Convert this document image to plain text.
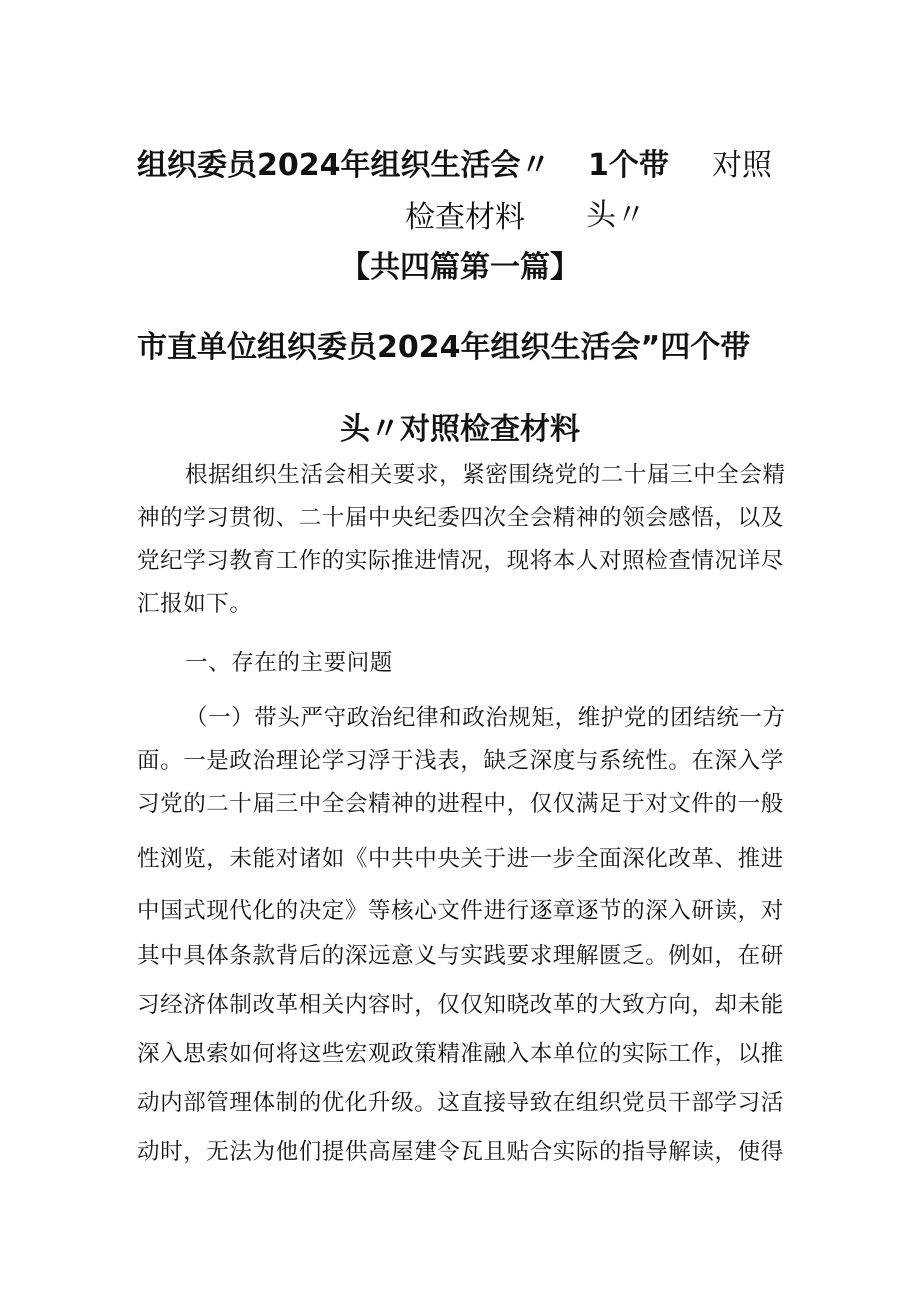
组织委员2024年组织生活会〃 1个带 对照
检查材料 头〃
【共四篇第一篇】
市直单位组织委员2024年组织生活会”四个带
头〃对照检查材料
根据组织生活会相关要求，紧密围绕党的二十届三中全会精
神的学习贯彻、二十届中央纪委四次全会精神的领会感悟，以及
党纪学习教育工作的实际推进情况，现将本人对照检查情况详尽
汇报如下。
一、存在的主要问题
（一）带头严守政治纪律和政治规矩，维护党的团结统一方
面。一是政治理论学习浮于浅表，缺乏深度与系统性。在深入学
习党的二十届三中全会精神的进程中，仅仅满足于对文件的一般
性浏览，未能对诸如《中共中央关于进一步全面深化改革、推进
中国式现代化的决定》等核心文件进行逐章逐节的深入研读，对
其中具体条款背后的深远意义与实践要求理解匮乏。例如，在研
习经济体制改革相关内容时，仅仅知晓改革的大致方向，却未能
深入思索如何将这些宏观政策精准融入本单位的实际工作，以推
动内部管理体制的优化升级。这直接导致在组织党员干部学习活
动时，无法为他们提供高屋建令瓦且贴合实际的指导解读，使得
